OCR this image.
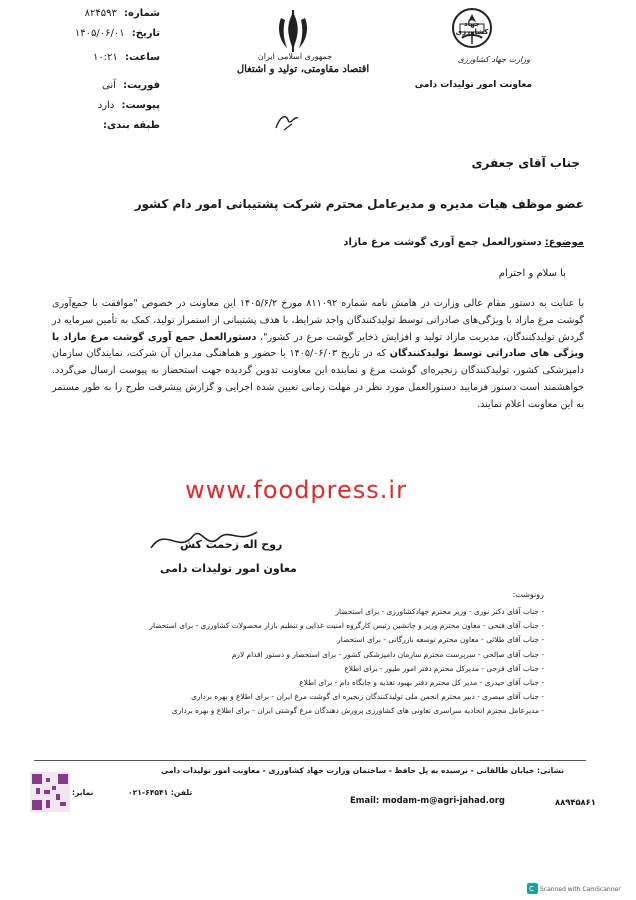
شماره: ۸۲۴۵۹۳
تاریخ: ۱۴۰۵/۰۶/۰۱
ساعت: ۱۰:۲۱
فوریت: آنی
پیوست: دارد
طبقه بندی:
جمهوری اسلامی ایران
اقتصاد مقاومتی، تولید و اشتغال
جهاد کشاورزی
وزارت جهاد کشاورزی
معاونت امور تولیدات دامی
جناب آقای جعفری
عضو موظف هیات مدیره و مدیرعامل محترم شرکت پشتیبانی امور دام کشور
موضوع: دستورالعمل جمع آوری گوشت مرغ مازاد
با سلام و احترام
با عنایت به دستور مقام عالی وزارت در هامش نامه شماره ۸۱۱۰۹۲ مورخ ۱۴۰۵/۶/۲ این معاونت در خصوص "موافقت با جمع‌آوری گوشت مرغ مازاد با ویژگی‌های صادراتی توسط تولیدکنندگان واجد شرایط، با هدف پشتیبانی از استمرار تولید، کمک به تأمین سرمایه در گردش تولیدکنندگان، مدیریت مازاد تولید و افزایش ذخایر گوشت مرغ در کشور"، دستورالعمل جمع آوری گوشت مرغ مازاد با ویژگی های صادراتی توسط تولیدکنندگان که در تاریخ ۱۴۰۵/۰۶/۰۳ با حضور و هماهنگی مدیران آن شرکت، نمایندگان سازمان دامپزشکی کشور، تولیدکنندگان زنجیره‌ای گوشت مرغ و نماینده این معاونت تدوین گردیده جهت استحضار به پیوست ارسال می‌گردد. خواهشمند است دستور فرمایید دستورالعمل مورد نظر در مهلت زمانی تعیین شده اجرایی و گزارش پیشرفت طرح را به طور مستمر به این معاونت اعلام نمایند.
www.foodpress.ir
روح اله زحمت کش
معاون امور تولیدات دامی
رونوشت:
- جناب آقای دکتر نوری - وزیر محترم جهادکشاورزی - برای استحضار
- جناب آقای فتحی - معاون محترم وزیر و جانشین رئیس کارگروه امنیت غذایی و تنظیم بازار محصولات کشاورزی - برای استحضار
- جناب آقای طلائی - معاون محترم توسعه بازرگانی - برای استحضار
- جناب آقای صالحی - سرپرست محترم سازمان دامپزشکی کشور - برای استحضار و دستور اقدام لازم
- جناب آقای فرجی - مدیرکل محترم دفتر امور طیور - برای اطلاع
- جناب آقای حیدری - مدیر کل محترم دفتر بهبود تغذیه و جایگاه دام - برای اطلاع
- جناب آقای میصری - دبیر محترم انجمن ملی تولیدکنندگان زنجیره ای گوشت مرغ ایران - برای اطلاع و بهره برداری
- مدیرعامل محترم اتحادیه سراسری تعاونی های کشاورزی پرورش دهندگان مرغ گوشتی ایران - برای اطلاع و بهره برداری
نشانی: خیابان طالقانی - نرسیده به پل حافظ - ساختمان وزارت جهاد کشاورزی - معاونت امور تولیدات دامی
تلفن: ۶۴۵۴۱-۰۲۱
نمابر:
Email: modam-m@agri-jahad.org	۸۸۹۴۵۸۶۱
C Scanned with CamScanner
